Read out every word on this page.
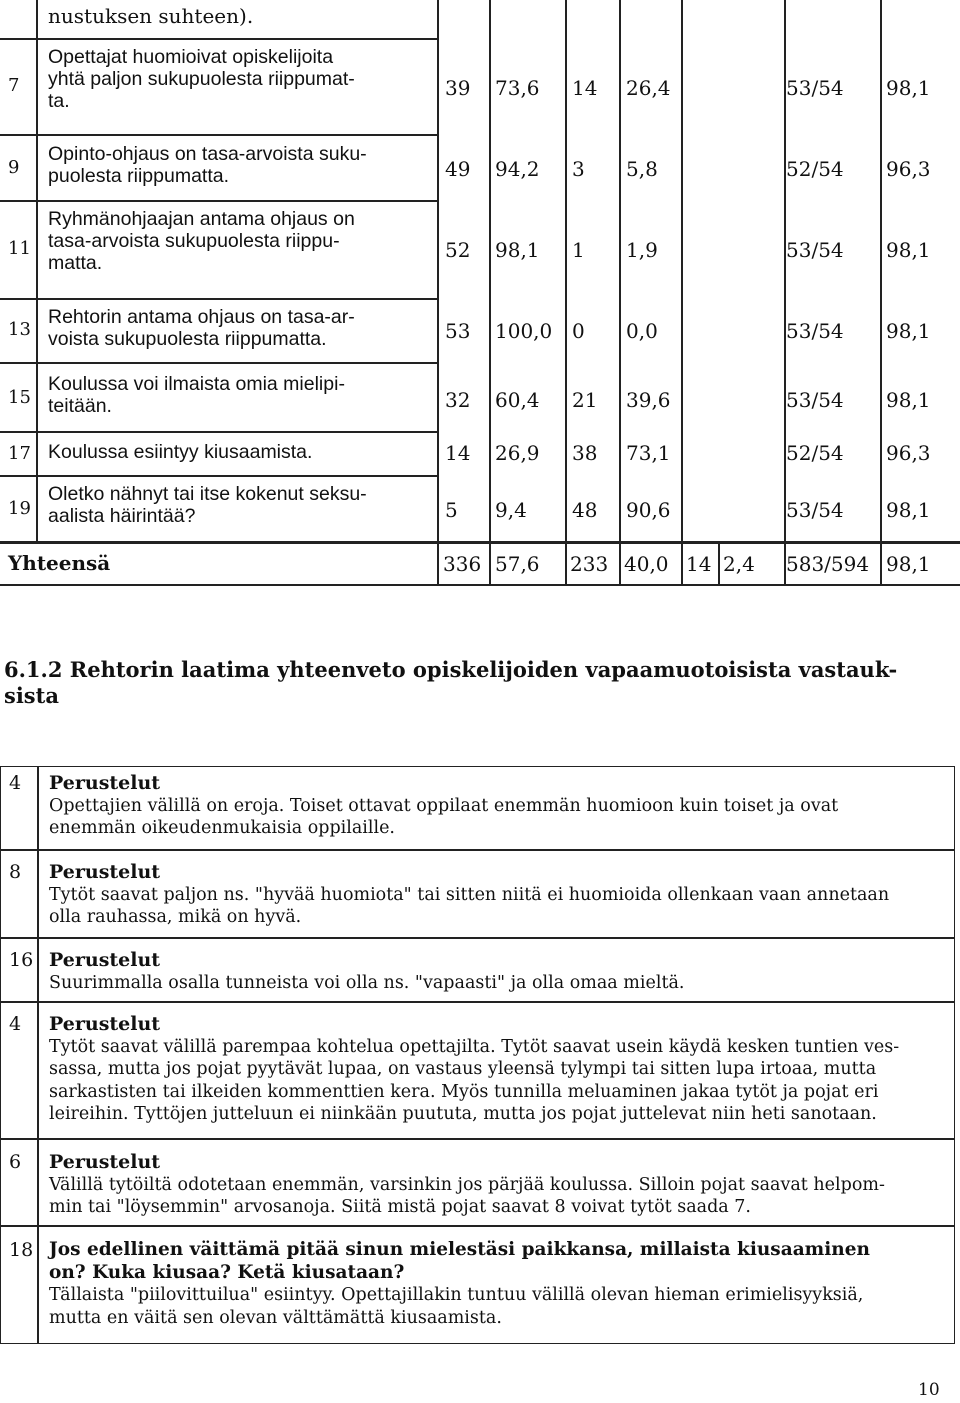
nustuksen suhteen).
7
Opettajat huomioivat opiskelijoita
yhtä paljon sukupuolesta riippumat-
ta.
39 73,6 14 26,4	53/54 98,1
9
Opinto-ohjaus on tasa-arvoista suku-
puolesta riippumatta.	49 94,2 3 5,8	52/54 96,3
11
Ryhmänohjaajan antama ohjaus on
tasa-arvoista sukupuolesta riippu-
matta.
52 98,1 1 1,9	53/54 98,1
13
Rehtorin antama ohjaus on tasa-ar-
voista sukupuolesta riippumatta.	53 100,0 0 0,0	53/54 98,1
15
Koulussa voi ilmaista omia mielipi-
teitään.	32 60,4 21 39,6	53/54 98,1
17 Koulussa esiintyy kiusaamista.	14 26,9 38 73,1	52/54 96,3
19
Oletko nähnyt tai itse kokenut seksu-
aalista häirintää?	5 9,4 48 90,6	53/54 98,1
Yhteensä	336 57,6 233 40,0 14 2,4 583/594 98,1
6.1.2 Rehtorin laatima yhteenveto opiskelijoiden vapaamuotoisista vastauk-
sista
4 Perustelut
Opettajien välillä on eroja. Toiset ottavat oppilaat enemmän huomioon kuin toiset ja ovat
enemmän oikeudenmukaisia oppilaille.
8 Perustelut
Tytöt saavat paljon ns. "hyvää huomiota" tai sitten niitä ei huomioida ollenkaan vaan annetaan
olla rauhassa, mikä on hyvä.
16 Perustelut
Suurimmalla osalla tunneista voi olla ns. "vapaasti" ja olla omaa mieltä.
4 Perustelut
Tytöt saavat välillä parempaa kohtelua opettajilta. Tytöt saavat usein käydä kesken tuntien ves-
sassa, mutta jos pojat pyytävät lupaa, on vastaus yleensä tylympi tai sitten lupa irtoaa, mutta
sarkastisten tai ilkeiden kommenttien kera. Myös tunnilla meluaminen jakaa tytöt ja pojat eri
leireihin. Tyttöjen jutteluun ei niinkään puututa, mutta jos pojat juttelevat niin heti sanotaan.
6 Perustelut
Välillä tytöiltä odotetaan enemmän, varsinkin jos pärjää koulussa. Silloin pojat saavat helpom-
min tai "löysemmin" arvosanoja. Siitä mistä pojat saavat 8 voivat tytöt saada 7.
18 Jos edellinen väittämä pitää sinun mielestäsi paikkansa, millaista kiusaaminen
on? Kuka kiusaa? Ketä kiusataan?
Tällaista "piilovittuilua" esiintyy. Opettajillakin tuntuu välillä olevan hieman erimielisyyksiä,
mutta en väitä sen olevan välttämättä kiusaamista.
10
